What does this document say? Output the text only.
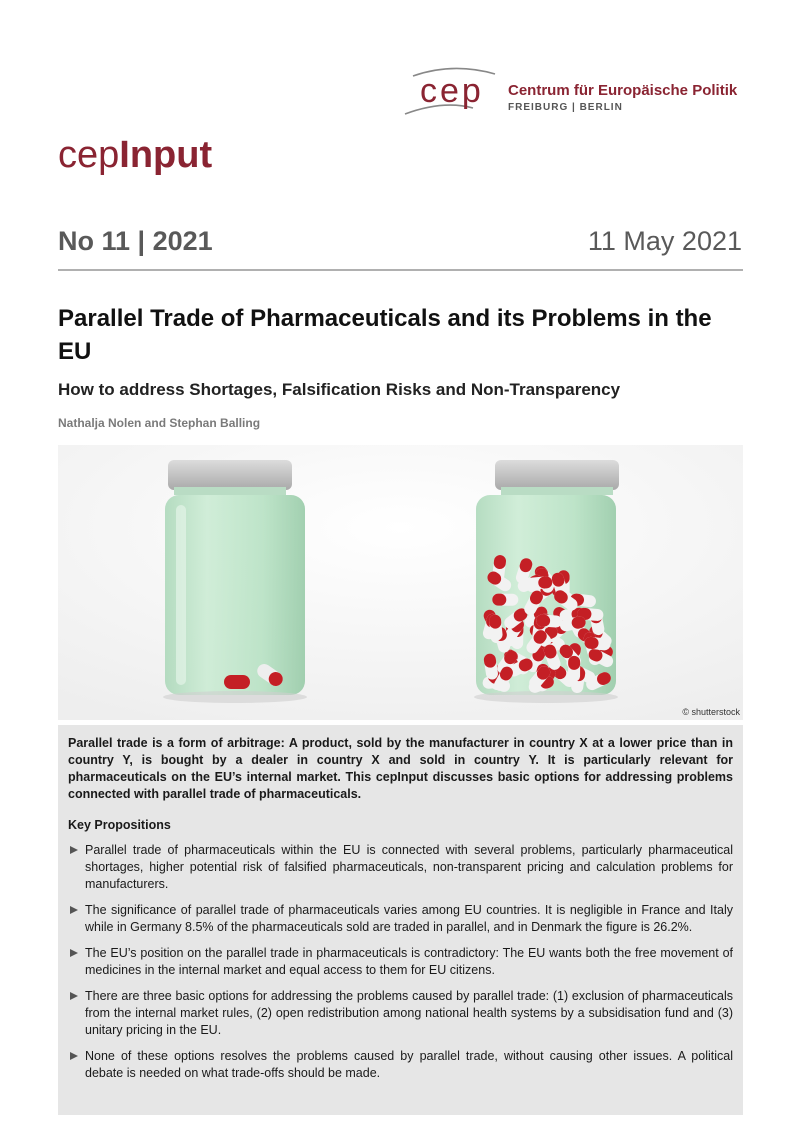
cep Centrum für Europäische Politik
FREIBURG | BERLIN
cepInput
No 11 | 2021	11 May 2021
Parallel Trade of Pharmaceuticals and its Problems in the EU
How to address Shortages, Falsification Risks and Non-Transparency
Nathalja Nolen and Stephan Balling
© shutterstock
Parallel trade is a form of arbitrage: A product, sold by the manufacturer in country X at a lower price than in country Y, is bought by a dealer in country X and sold in country Y. It is particularly relevant for pharmaceuticals on the EU’s internal market. This cepInput discusses basic options for addressing problems connected with parallel trade of pharmaceuticals.
Key Propositions
Parallel trade of pharmaceuticals within the EU is connected with several problems, particularly pharmaceutical shortages, higher potential risk of falsified pharmaceuticals, non-transparent pricing and calculation problems for manufacturers.
The significance of parallel trade of pharmaceuticals varies among EU countries. It is negligible in France and Italy while in Germany 8.5% of the pharmaceuticals sold are traded in parallel, and in Denmark the figure is 26.2%.
The EU’s position on the parallel trade in pharmaceuticals is contradictory: The EU wants both the free movement of medicines in the internal market and equal access to them for EU citizens.
There are three basic options for addressing the problems caused by parallel trade: (1) exclusion of pharmaceuticals from the internal market rules, (2) open redistribution among national health systems by a subsidisation fund and (3) unitary pricing in the EU.
None of these options resolves the problems caused by parallel trade, without causing other issues. A political debate is needed on what trade-offs should be made.
